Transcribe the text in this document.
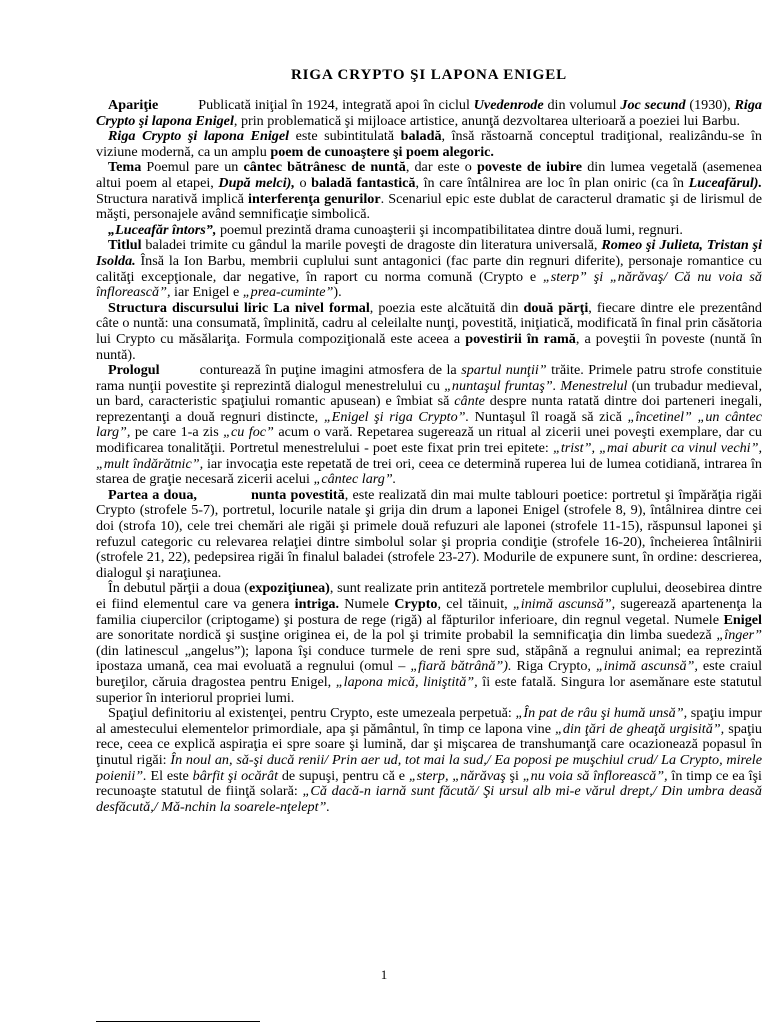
RIGA CRYPTO ŞI LAPONA ENIGEL

Apariţie	Publicată iniţial în 1924, integrată apoi în ciclul Uvedenrode din volumul Joc secund (1930), Riga Crypto şi lapona Enigel, prin problematică şi mijloace artistice, anunţă dezvoltarea ulterioară a poeziei lui Barbu.

Riga Crypto şi lapona Enigel este subintitulată baladă, însă răstoarnă conceptul tradiţional, realizându-se în viziune modernă, ca un amplu poem de cunoaştere şi poem alegoric.

Tema Poemul pare un cântec bătrânesc de nuntă, dar este o poveste de iubire din lumea vegetală (asemenea altui poem al etapei, După melci), o baladă fantastică, în care întâlnirea are loc în plan oniric (ca în Luceafărul). Structura narativă implică interferenţa genurilor. Scenariul epic este dublat de caracterul dramatic şi de lirismul de măşti, personajele având semnificaţie simbolică.

„Luceafăr întors”, poemul prezintă drama cunoaşterii şi incompatibilitatea dintre două lumi, regnuri.

Titlul baladei trimite cu gândul la marile poveşti de dragoste din literatura universală, Romeo şi Julieta, Tristan şi Isolda. Însă la Ion Barbu, membrii cuplului sunt antagonici (fac parte din regnuri diferite), personaje romantice cu calităţi excepţionale, dar negative, în raport cu norma comună (Crypto e „sterp” şi „nărăvaş/ Că nu voia să înflorească”, iar Enigel e „prea-cuminte”).

Structura discursului liric La nivel formal, poezia este alcătuită din două părţi, fiecare dintre ele prezentând câte o nuntă: una consumată, împlinită, cadru al celeilalte nunţi, povestită, iniţiatică, modificată în final prin căsătoria lui Crypto cu măsălariţa. Formula compoziţională este aceea a povestirii în ramă, a poveştii în poveste (nuntă în nuntă).

Prologul	conturează în puţine imagini atmosfera de la spartul nunţii” trăite. Primele patru strofe constituie rama nunţii povestite şi reprezintă dialogul menestrelului cu „nuntaşul fruntaş”. Menestrelul (un trubadur medieval, un bard, caracteristic spaţiului romantic apusean) e îmbiat să cânte despre nunta ratată dintre doi parteneri inegali, reprezentanţi a două regnuri distincte, „Enigel şi riga Crypto”. Nuntaşul îl roagă să zică „încetinel” „un cântec larg”, pe care 1-a zis „cu foc” acum o vară. Repetarea sugerează un ritual al zicerii unei poveşti exemplare, dar cu modificarea tonalităţii. Portretul menestrelului - poet este fixat prin trei epitete: „trist”, „mai aburit ca vinul vechi”, „mult îndărătnic”, iar invocaţia este repetată de trei ori, ceea ce determină ruperea lui de lumea cotidiană, intrarea în starea de graţie necesară zicerii acelui „cântec larg”.

Partea a doua,	nunta povestită, este realizată din mai multe tablouri poetice: portretul şi împărăţia rigăi Crypto (strofele 5-7), portretul, locurile natale şi grija din drum a laponei Enigel (strofele 8, 9), întâlnirea dintre cei doi (strofa 10), cele trei chemări ale rigăi şi primele două refuzuri ale laponei (strofele 11-15), răspunsul laponei şi refuzul categoric cu relevarea relaţiei dintre simbolul solar şi propria condiţie (strofele 16-20), încheierea întâlnirii (strofele 21, 22), pedepsirea rigăi în finalul baladei (strofele 23-27). Modurile de expunere sunt, în ordine: descrierea, dialogul şi naraţiunea.

În debutul părţii a doua (expoziţiunea), sunt realizate prin antiteză portretele membrilor cuplului, deosebirea dintre ei fiind elementul care va genera intriga. Numele Crypto, cel tăinuit, „inimă ascunsă”, sugerează apartenenţa la familia ciupercilor (criptogame) şi postura de rege (rigă) al făpturilor inferioare, din regnul vegetal. Numele Enigel are sonoritate nordică şi susţine originea ei, de la pol şi trimite probabil la semnificaţia din limba suedeză „înger” (din latinescul „angelus”); lapona îşi conduce turmele de reni spre sud, stăpână a regnului animal; ea reprezintă ipostaza umană, cea mai evoluată a regnului (omul – „fiară bătrână”). Riga Crypto, „inimă ascunsă”, este craiul bureţilor, căruia dragostea pentru Enigel, „lapona mică, liniştită”, îi este fatală. Singura lor asemănare este statutul superior în interiorul propriei lumi.

Spaţiul definitoriu al existenţei, pentru Crypto, este umezeala perpetuă: „În pat de râu şi humă unsă”, spaţiu impur al amestecului elementelor primordiale, apa şi pământul, în timp ce lapona vine „din ţări de gheaţă urgisită”, spaţiu rece, ceea ce explică aspiraţia ei spre soare şi lumină, dar şi mişcarea de transhumanţă care ocazionează popasul în ţinutul rigăi: În noul an, să-şi ducă renii/ Prin aer ud, tot mai la sud,/ Ea poposi pe muşchiul crud/ La Crypto, mirele poienii”. El este bârfit şi ocărât de supuşi, pentru că e „sterp, „nărăvaş şi „nu voia să înflorească”, în timp ce ea îşi recunoaşte statutul de fiinţă solară: „Că dacă-n iarnă sunt făcută/ Şi ursul alb mi-e vărul drept,/ Din umbra deasă desfăcută,/ Mă-nchin la soarele-nţelept”.

1
